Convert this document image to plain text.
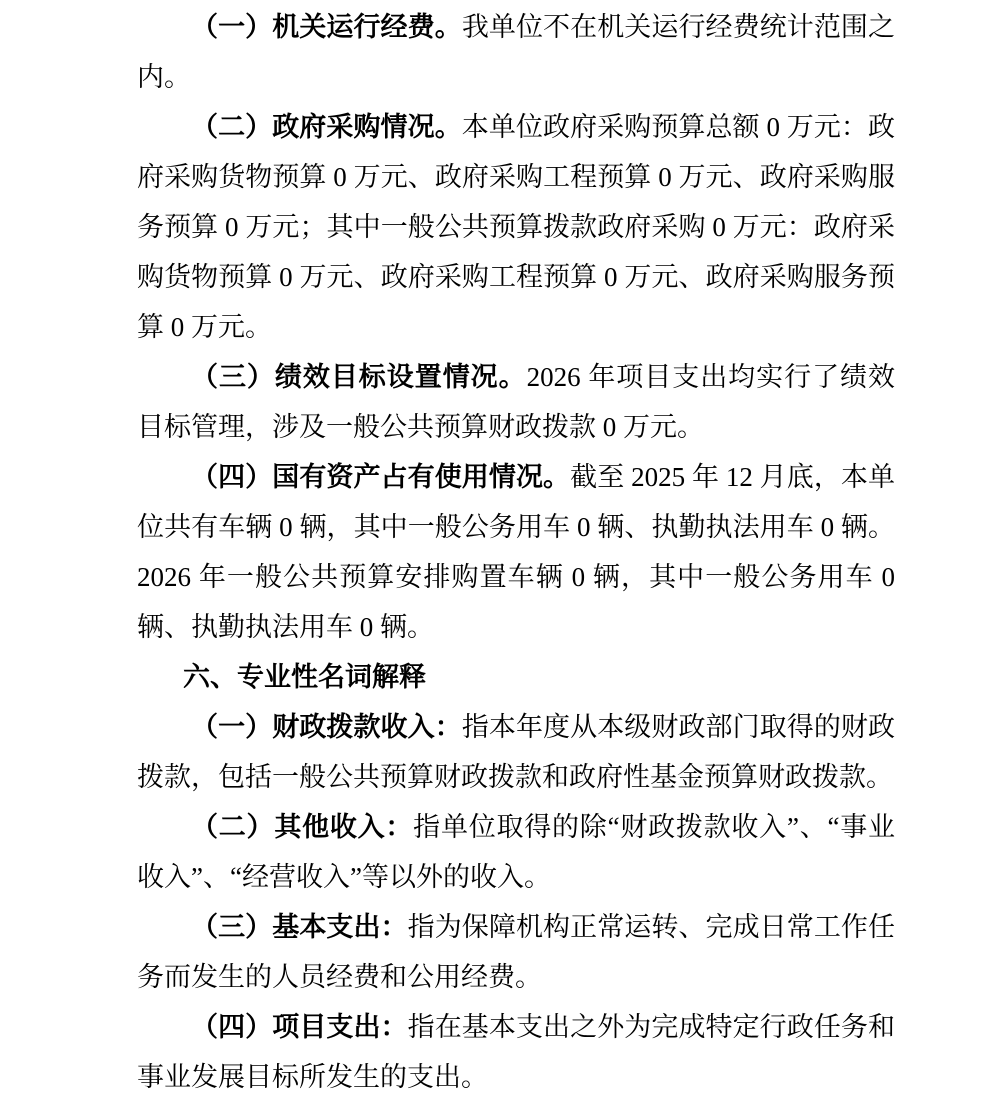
（一）机关运行经费。我单位不在机关运行经费统计范围之内。

（二）政府采购情况。本单位政府采购预算总额 0 万元：政府采购货物预算 0 万元、政府采购工程预算 0 万元、政府采购服务预算 0 万元；其中一般公共预算拨款政府采购 0 万元：政府采购货物预算 0 万元、政府采购工程预算 0 万元、政府采购服务预算 0 万元。

（三）绩效目标设置情况。2026 年项目支出均实行了绩效目标管理，涉及一般公共预算财政拨款 0 万元。

（四）国有资产占有使用情况。截至 2025 年 12 月底，本单位共有车辆 0 辆，其中一般公务用车 0 辆、执勤执法用车 0 辆。2026 年一般公共预算安排购置车辆 0 辆，其中一般公务用车 0 辆、执勤执法用车 0 辆。

六、专业性名词解释

（一）财政拨款收入：指本年度从本级财政部门取得的财政拨款，包括一般公共预算财政拨款和政府性基金预算财政拨款。

（二）其他收入：指单位取得的除“财政拨款收入”、“事业收入”、“经营收入”等以外的收入。

（三）基本支出：指为保障机构正常运转、完成日常工作任务而发生的人员经费和公用经费。

（四）项目支出：指在基本支出之外为完成特定行政任务和事业发展目标所发生的支出。
